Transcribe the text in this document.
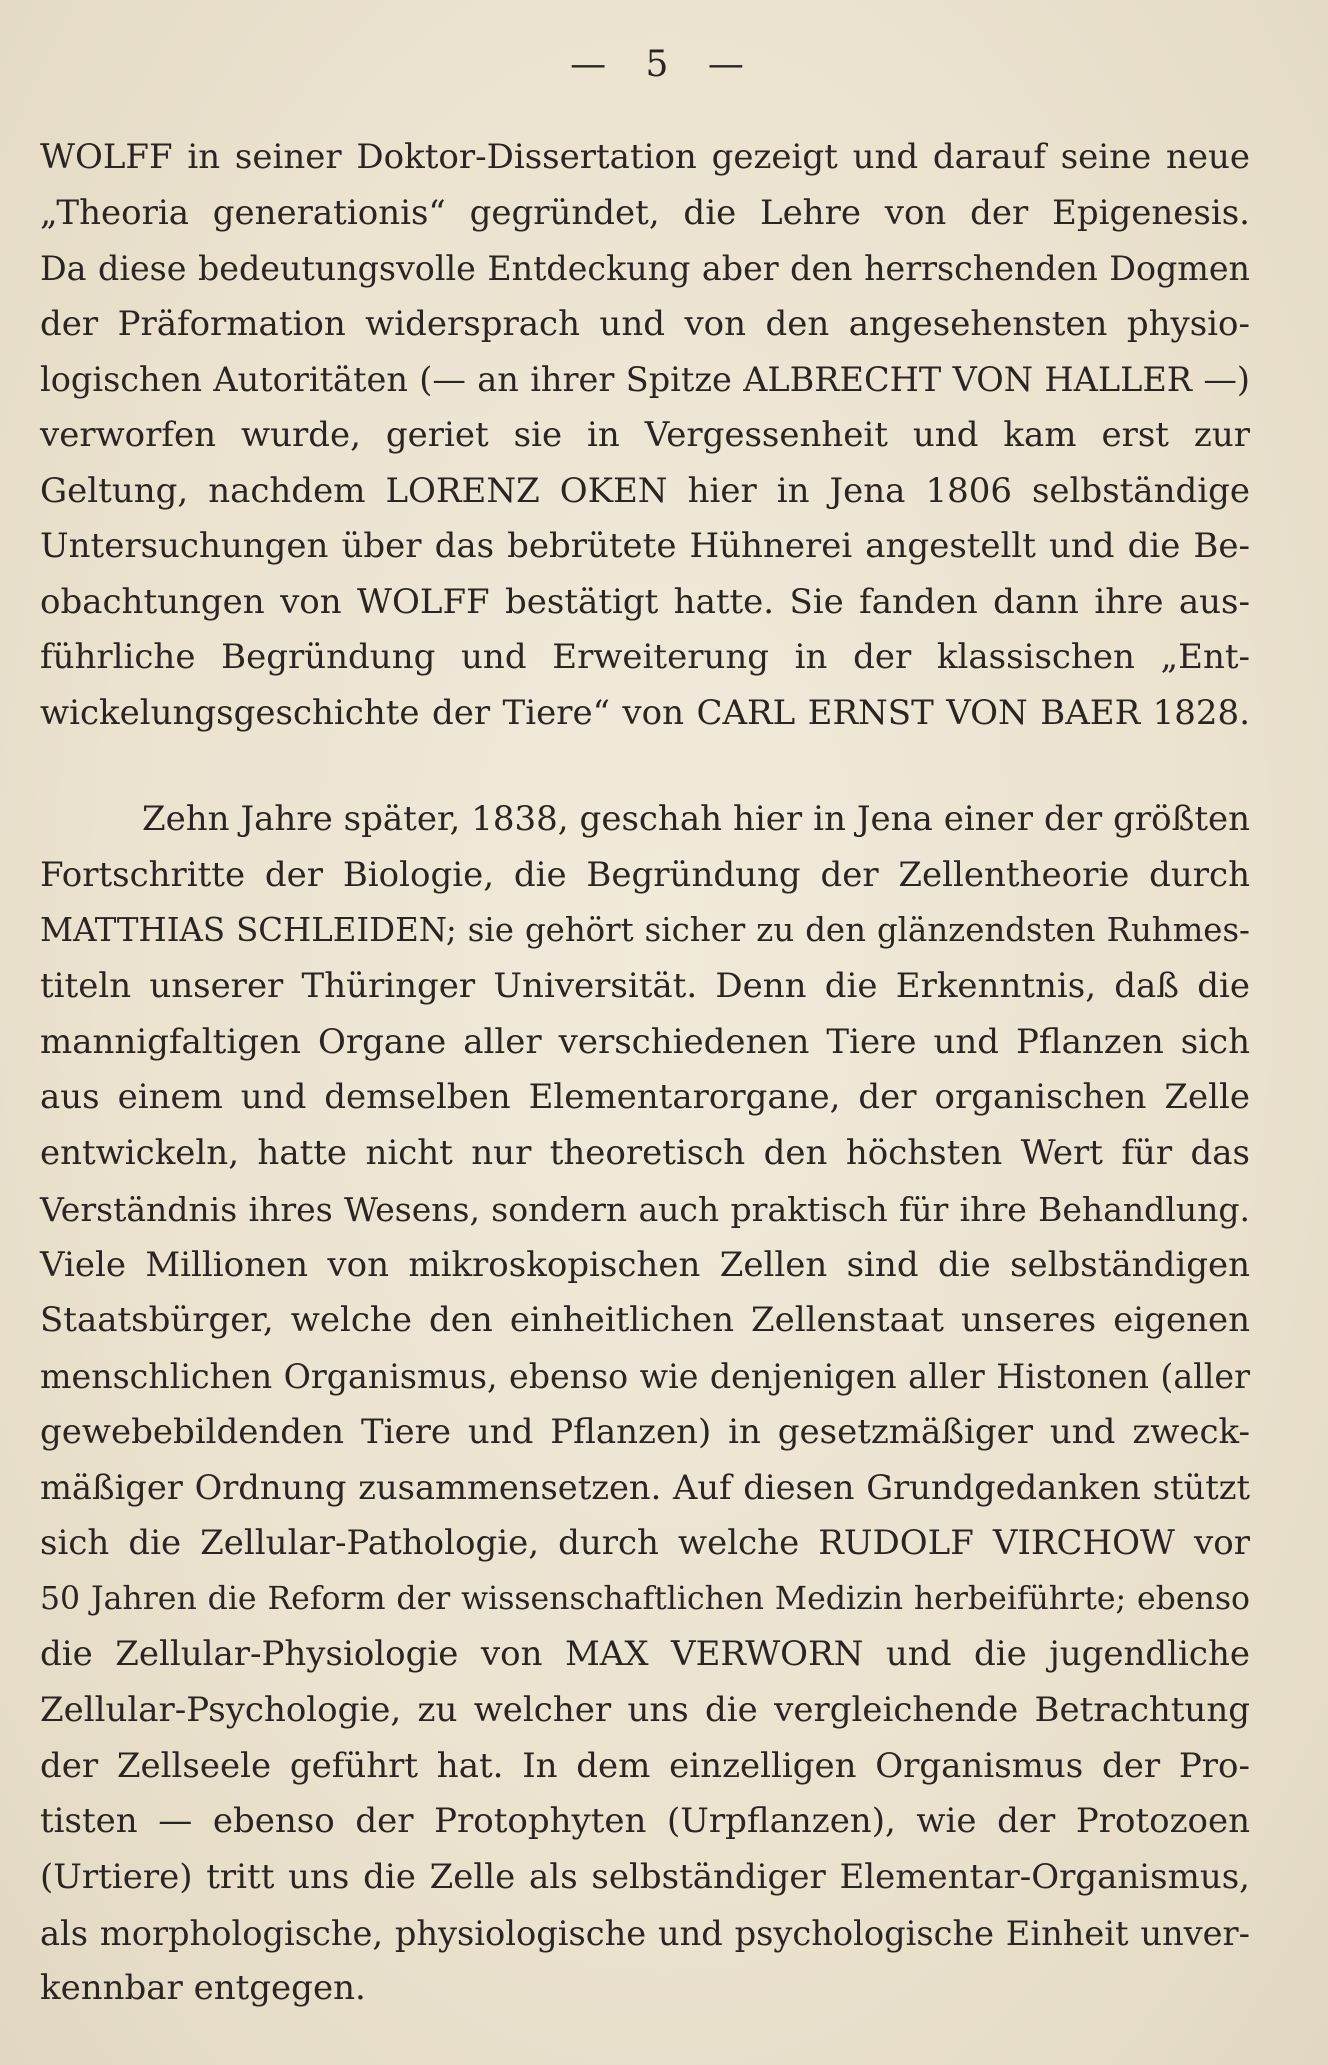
— 5 —
WOLFF in seiner Doktor-Dissertation gezeigt und darauf seine neue
„Theoria generationis“ gegründet, die Lehre von der Epigenesis.
Da diese bedeutungsvolle Entdeckung aber den herrschenden Dogmen
der Präformation widersprach und von den angesehensten physio-
logischen Autoritäten (— an ihrer Spitze ALBRECHT VON HALLER —)
verworfen wurde, geriet sie in Vergessenheit und kam erst zur
Geltung, nachdem LORENZ OKEN hier in Jena 1806 selbständige
Untersuchungen über das bebrütete Hühnerei angestellt und die Be-
obachtungen von WOLFF bestätigt hatte. Sie fanden dann ihre aus-
führliche Begründung und Erweiterung in der klassischen „Ent-
wickelungsgeschichte der Tiere“ von CARL ERNST VON BAER 1828.
Zehn Jahre später, 1838, geschah hier in Jena einer der größten
Fortschritte der Biologie, die Begründung der Zellentheorie durch
MATTHIAS SCHLEIDEN; sie gehört sicher zu den glänzendsten Ruhmes-
titeln unserer Thüringer Universität. Denn die Erkenntnis, daß die
mannigfaltigen Organe aller verschiedenen Tiere und Pflanzen sich
aus einem und demselben Elementarorgane, der organischen Zelle
entwickeln, hatte nicht nur theoretisch den höchsten Wert für das
Verständnis ihres Wesens, sondern auch praktisch für ihre Behandlung.
Viele Millionen von mikroskopischen Zellen sind die selbständigen
Staatsbürger, welche den einheitlichen Zellenstaat unseres eigenen
menschlichen Organismus, ebenso wie denjenigen aller Histonen (aller
gewebebildenden Tiere und Pflanzen) in gesetzmäßiger und zweck-
mäßiger Ordnung zusammensetzen. Auf diesen Grundgedanken stützt
sich die Zellular-Pathologie, durch welche RUDOLF VIRCHOW vor
50 Jahren die Reform der wissenschaftlichen Medizin herbeiführte; ebenso
die Zellular-Physiologie von MAX VERWORN und die jugendliche
Zellular-Psychologie, zu welcher uns die vergleichende Betrachtung
der Zellseele geführt hat. In dem einzelligen Organismus der Pro-
tisten — ebenso der Protophyten (Urpflanzen), wie der Protozoen
(Urtiere) tritt uns die Zelle als selbständiger Elementar-Organismus,
als morphologische, physiologische und psychologische Einheit unver-
kennbar entgegen.
